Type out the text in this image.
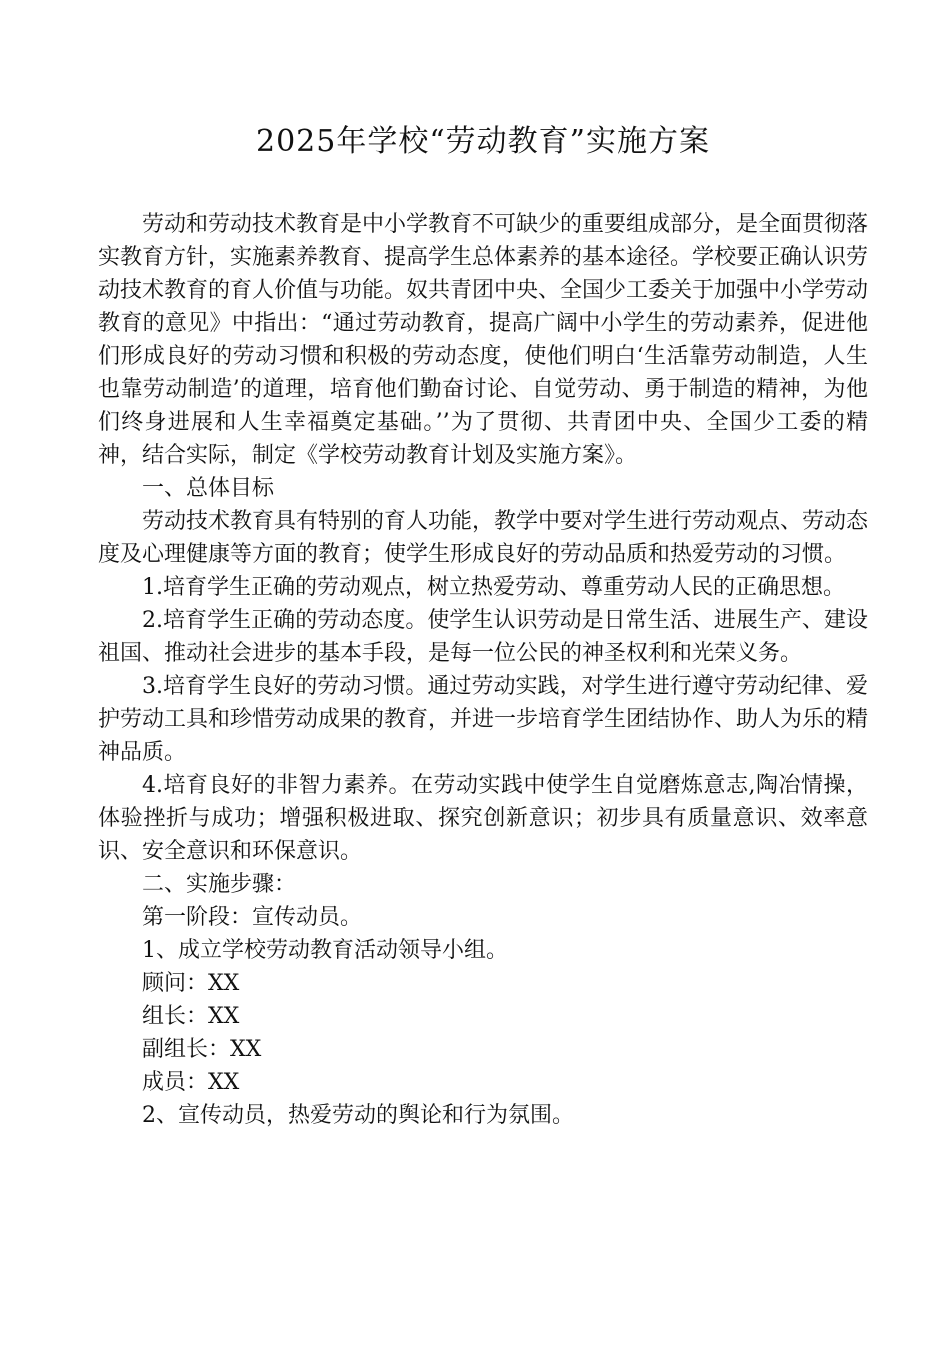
2025年学校“劳动教育”实施方案

劳动和劳动技术教育是中小学教育不可缺少的重要组成部分，是全面贯彻落实教育方针，实施素养教育、提高学生总体素养的基本途径。学校要正确认识劳动技术教育的育人价值与功能。奴共青团中央、全国少工委关于加强中小学劳动教育的意见》中指出：“通过劳动教育，提高广阔中小学生的劳动素养，促进他们形成良好的劳动习惯和积极的劳动态度，使他们明白‘生活靠劳动制造，人生也靠劳动制造’的道理，培育他们勤奋讨论、自觉劳动、勇于制造的精神，为他们终身进展和人生幸福奠定基础。’’为了贯彻、共青团中央、全国少工委的精神，结合实际，制定《学校劳动教育计划及实施方案》。

一、总体目标

劳动技术教育具有特别的育人功能，教学中要对学生进行劳动观点、劳动态度及心理健康等方面的教育；使学生形成良好的劳动品质和热爱劳动的习惯。

1.培育学生正确的劳动观点，树立热爱劳动、尊重劳动人民的正确思想。

2.培育学生正确的劳动态度。使学生认识劳动是日常生活、进展生产、建设祖国、推动社会进步的基本手段，是每一位公民的神圣权利和光荣义务。

3.培育学生良好的劳动习惯。通过劳动实践，对学生进行遵守劳动纪律、爱护劳动工具和珍惜劳动成果的教育，并进一步培育学生团结协作、助人为乐的精神品质。

4.培育良好的非智力素养。在劳动实践中使学生自觉磨炼意志,陶冶情操，体验挫折与成功；增强积极进取、探究创新意识；初步具有质量意识、效率意识、安全意识和环保意识。

二、实施步骤：

第一阶段：宣传动员。

1、成立学校劳动教育活动领导小组。

顾问：XX

组长：XX

副组长：XX

成员：XX

2、宣传动员，热爱劳动的舆论和行为氛围。
